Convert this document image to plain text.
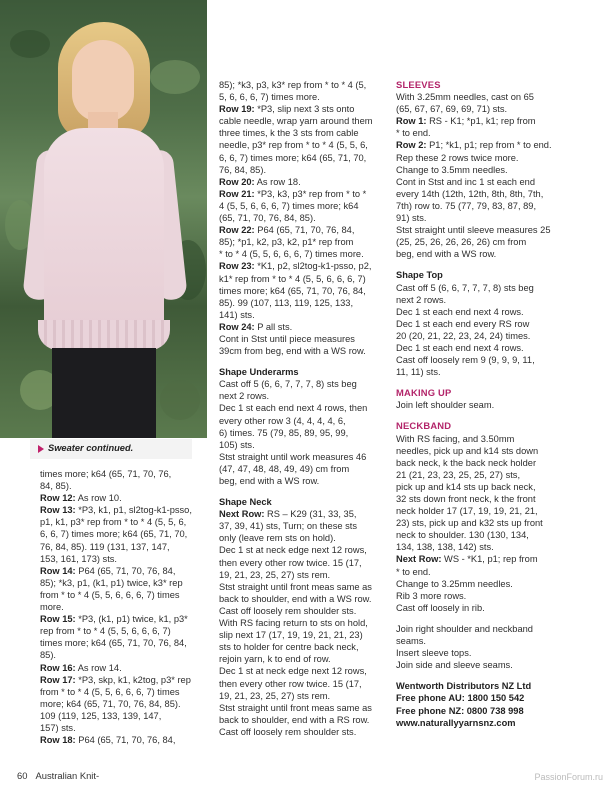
Sweater continued.

times more; k64 (65, 71, 70, 76,

84, 85).

Row 12: As row 10.

Row 13: *P3, k1, p1, sl2tog-k1-psso,

p1, k1, p3* rep from * to * 4 (5, 5, 6,

6, 6, 7) times more; k64 (65, 71, 70,

76, 84, 85). 119 (131, 137, 147,

153, 161, 173) sts.

Row 14: P64 (65, 71, 70, 76, 84,

85); *k3, p1, (k1, p1) twice, k3* rep

from * to * 4 (5, 5, 6, 6, 6, 7) times

more.

Row 15: *P3, (k1, p1) twice, k1, p3*

rep from * to * 4 (5, 5, 6, 6, 6, 7)

times more; k64 (65, 71, 70, 76, 84,

85).

Row 16: As row 14.

Row 17: *P3, skp, k1, k2tog, p3* rep

from * to * 4 (5, 5, 6, 6, 6, 7) times

more; k64 (65, 71, 70, 76, 84, 85).

109 (119, 125, 133, 139, 147,

157) sts.

Row 18: P64 (65, 71, 70, 76, 84,

85); *k3, p3, k3* rep from * to * 4 (5,

5, 6, 6, 6, 7) times more.

Row 19: *P3, slip next 3 sts onto

cable needle, wrap yarn around them

three times, k the 3 sts from cable

needle, p3* rep from * to * 4 (5, 5, 6,

6, 6, 7) times more; k64 (65, 71, 70,

76, 84, 85).

Row 20: As row 18.

Row 21: *P3, k3, p3* rep from * to *

4 (5, 5, 6, 6, 6, 7) times more; k64

(65, 71, 70, 76, 84, 85).

Row 22: P64 (65, 71, 70, 76, 84,

85); *p1, k2, p3, k2, p1* rep from

* to * 4 (5, 5, 6, 6, 6, 7) times more.

Row 23: *K1, p2, sl2tog-k1-psso, p2,

k1* rep from * to * 4 (5, 5, 6, 6, 6, 7)

times more; k64 (65, 71, 70, 76, 84,

85). 99 (107, 113, 119, 125, 133,

141) sts.

Row 24: P all sts.

Cont in Stst until piece measures

39cm from beg, end with a WS row.

Shape Underarms

Cast off 5 (6, 6, 7, 7, 7, 8) sts beg

next 2 rows.

Dec 1 st each end next 4 rows, then

every other row 3 (4, 4, 4, 4, 6,

6) times. 75 (79, 85, 89, 95, 99,

105) sts.

Stst straight until work measures 46

(47, 47, 48, 48, 49, 49) cm from

beg, end with a WS row.

Shape Neck

Next Row: RS – K29 (31, 33, 35,

37, 39, 41) sts, Turn; on these sts

only (leave rem sts on hold).

Dec 1 st at neck edge next 12 rows,

then every other row twice. 15 (17,

19, 21, 23, 25, 27) sts rem.

Stst straight until front meas same as

back to shoulder, end with a WS row.

Cast off loosely rem shoulder sts.

With RS facing return to sts on hold,

slip next 17 (17, 19, 19, 21, 21, 23)

sts to holder for centre back neck,

rejoin yarn, k to end of row.

Dec 1 st at neck edge next 12 rows,

then every other row twice. 15 (17,

19, 21, 23, 25, 27) sts rem.

Stst straight until front meas same as

back to shoulder, end with a RS row.

Cast off loosely rem shoulder sts.

SLEEVES

With 3.25mm needles, cast on 65

(65, 67, 67, 69, 69, 71) sts.

Row 1: RS - K1; *p1, k1; rep from

* to end.

Row 2: P1; *k1, p1; rep from * to end.

Rep these 2 rows twice more.

Change to 3.5mm needles.

Cont in Stst and inc 1 st each end

every 14th (12th, 12th, 8th, 8th, 7th,

7th) row to. 75 (77, 79, 83, 87, 89,

91) sts.

Stst straight until sleeve measures 25

(25, 25, 26, 26, 26, 26) cm from

beg, end with a WS row.

Shape Top

Cast off 5 (6, 6, 7, 7, 7, 8) sts beg

next 2 rows.

Dec 1 st each end next 4 rows.

Dec 1 st each end every RS row

20 (20, 21, 22, 23, 24, 24) times.

Dec 1 st each end next 4 rows.

Cast off loosely rem 9 (9, 9, 9, 11,

11, 11) sts.

MAKING UP

Join left shoulder seam.

NECKBAND

With RS facing, and 3.50mm

needles, pick up and k14 sts down

back neck, k the back neck holder

21 (21, 23, 23, 25, 25, 27) sts,

pick up and k14 sts up back neck,

32 sts down front neck, k the front

neck holder 17 (17, 19, 19, 21, 21,

23) sts, pick up and k32 sts up front

neck to shoulder. 130 (130, 134,

134, 138, 138, 142) sts.

Next Row: WS - *K1, p1; rep from

* to end.

Change to 3.25mm needles.

Rib 3 more rows.

Cast off loosely in rib.

Join right shoulder and neckband

seams.

Insert sleeve tops.

Join side and sleeve seams.

Wentworth Distributors NZ Ltd

Free phone AU: 1800 150 542

Free phone NZ: 0800 738 998

www.naturallyyarnsnz.com

60 Australian Knit-	PassionForum.ru
